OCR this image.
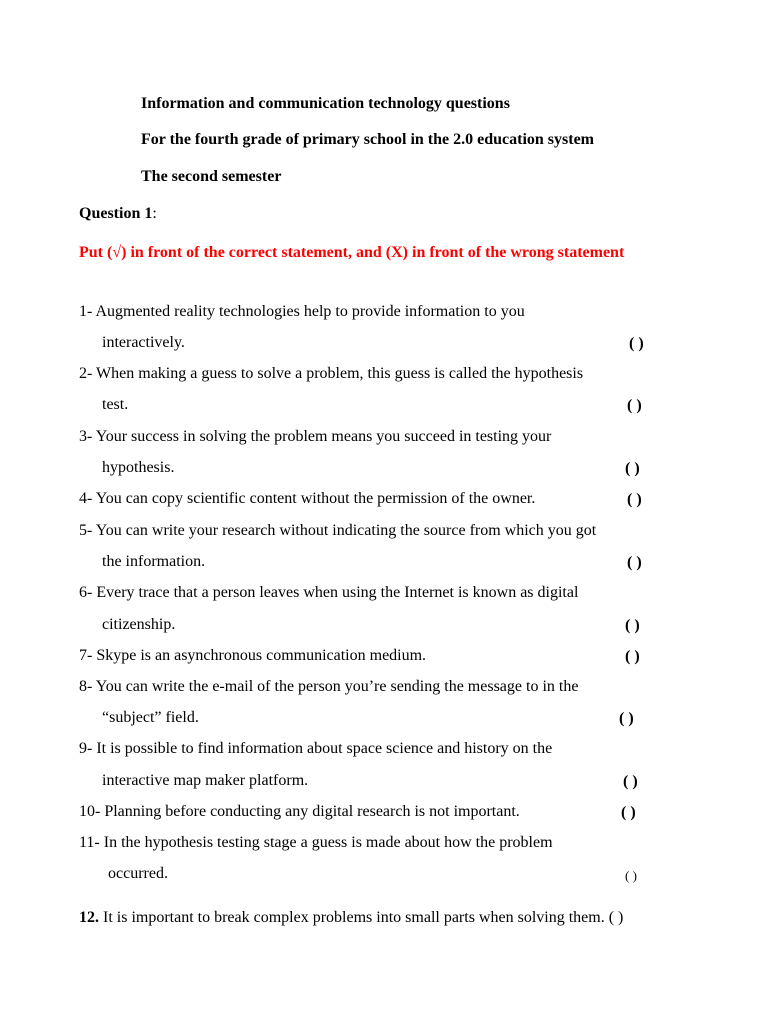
Information and communication technology questions
For the fourth grade of primary school in the 2.0 education system
The second semester
Question 1:
Put (√) in front of the correct statement, and (X) in front of the wrong statement
1- Augmented reality technologies help to provide information to you
interactively.	( )
2- When making a guess to solve a problem, this guess is called the hypothesis
test.	( )
3- Your success in solving the problem means you succeed in testing your
hypothesis.	( )
4- You can copy scientific content without the permission of the owner.	( )
5- You can write your research without indicating the source from which you got
the information.	( )
6- Every trace that a person leaves when using the Internet is known as digital
citizenship.	( )
7- Skype is an asynchronous communication medium.	( )
8- You can write the e-mail of the person you’re sending the message to in the
“subject” field.	( )
9- It is possible to find information about space science and history on the
interactive map maker platform.	( )
10- Planning before conducting any digital research is not important.	( )
11- In the hypothesis testing stage a guess is made about how the problem
occurred.	( )
12. It is important to break complex problems into small parts when solving them. ( )
